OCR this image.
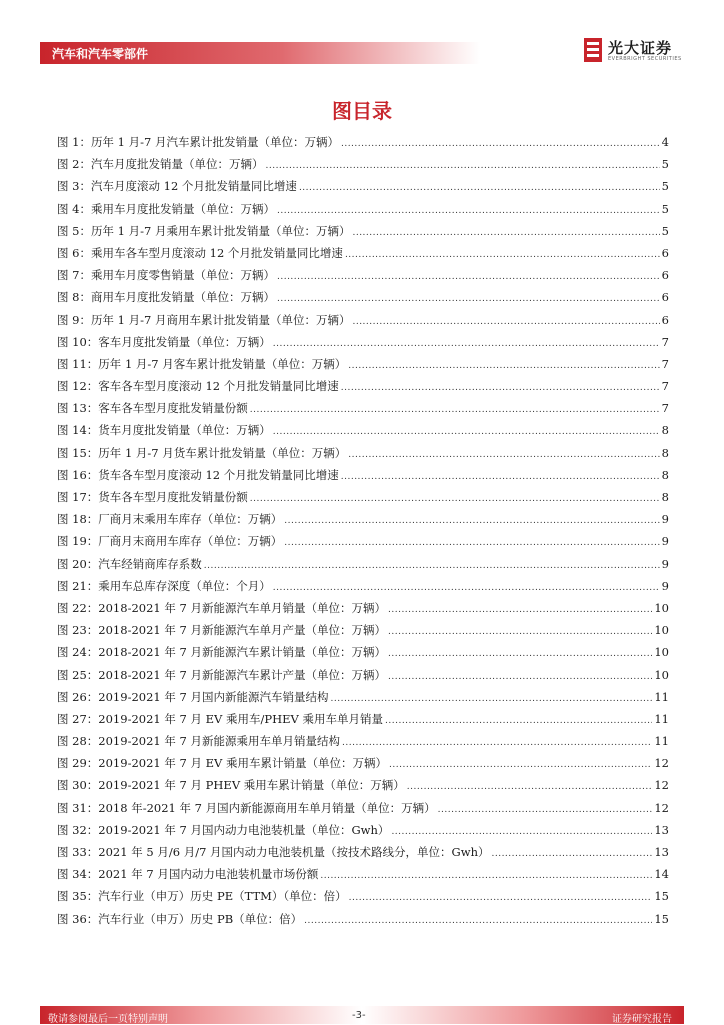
汽车和汽车零部件	光大证券
EVERBRIGHT SECURITIES
图目录
图 1： 历年 1 月-7 月汽车累计批发销量（单位：万辆） .....	4
图 2： 汽车月度批发销量（单位：万辆） .....	5
图 3： 汽车月度滚动 12 个月批发销量同比增速 .....	5
图 4： 乘用车月度批发销量（单位：万辆） .....	5
图 5： 历年 1 月-7 月乘用车累计批发销量（单位：万辆） .....	5
图 6： 乘用车各车型月度滚动 12 个月批发销量同比增速 .....	6
图 7： 乘用车月度零售销量（单位：万辆） .....	6
图 8： 商用车月度批发销量（单位：万辆） .....	6
图 9： 历年 1 月-7 月商用车累计批发销量（单位：万辆） .....	6
图 10： 客车月度批发销量（单位：万辆） .....	7
图 11： 历年 1 月-7 月客车累计批发销量（单位：万辆） .....	7
图 12： 客车各车型月度滚动 12 个月批发销量同比增速 .....	7
图 13： 客车各车型月度批发销量份额 .....	7
图 14： 货车月度批发销量（单位：万辆） .....	8
图 15： 历年 1 月-7 月货车累计批发销量（单位：万辆） .....	8
图 16： 货车各车型月度滚动 12 个月批发销量同比增速 .....	8
图 17： 货车各车型月度批发销量份额 .....	8
图 18： 厂商月末乘用车库存（单位：万辆） .....	9
图 19： 厂商月末商用车库存（单位：万辆） .....	9
图 20： 汽车经销商库存系数 .....	9
图 21： 乘用车总库存深度（单位：个月） .....	9
图 22： 2018-2021 年 7 月新能源汽车单月销量（单位：万辆） .....	10
图 23： 2018-2021 年 7 月新能源汽车单月产量（单位：万辆） .....	10
图 24： 2018-2021 年 7 月新能源汽车累计销量（单位：万辆） .....	10
图 25： 2018-2021 年 7 月新能源汽车累计产量（单位：万辆） .....	10
图 26： 2019-2021 年 7 月国内新能源汽车销量结构 .....	11
图 27： 2019-2021 年 7 月 EV 乘用车/PHEV 乘用车单月销量 .....	11
图 28： 2019-2021 年 7 月新能源乘用车单月销量结构 .....	11
图 29： 2019-2021 年 7 月 EV 乘用车累计销量（单位：万辆） .....	12
图 30： 2019-2021 年 7 月 PHEV 乘用车累计销量（单位：万辆） .....	12
图 31： 2018 年-2021 年 7 月国内新能源商用车单月销量（单位：万辆） .....	12
图 32： 2019-2021 年 7 月国内动力电池装机量（单位：Gwh） .....	13
图 33： 2021 年 5 月/6 月/7 月国内动力电池装机量（按技术路线分，单位：Gwh） .....	13
图 34： 2021 年 7 月国内动力电池装机量市场份额 .....	14
图 35： 汽车行业（申万）历史 PE（TTM）（单位：倍） .....	15
图 36： 汽车行业（申万）历史 PB（单位：倍） .....	15
敬请参阅最后一页特别声明	-3-	证券研究报告
